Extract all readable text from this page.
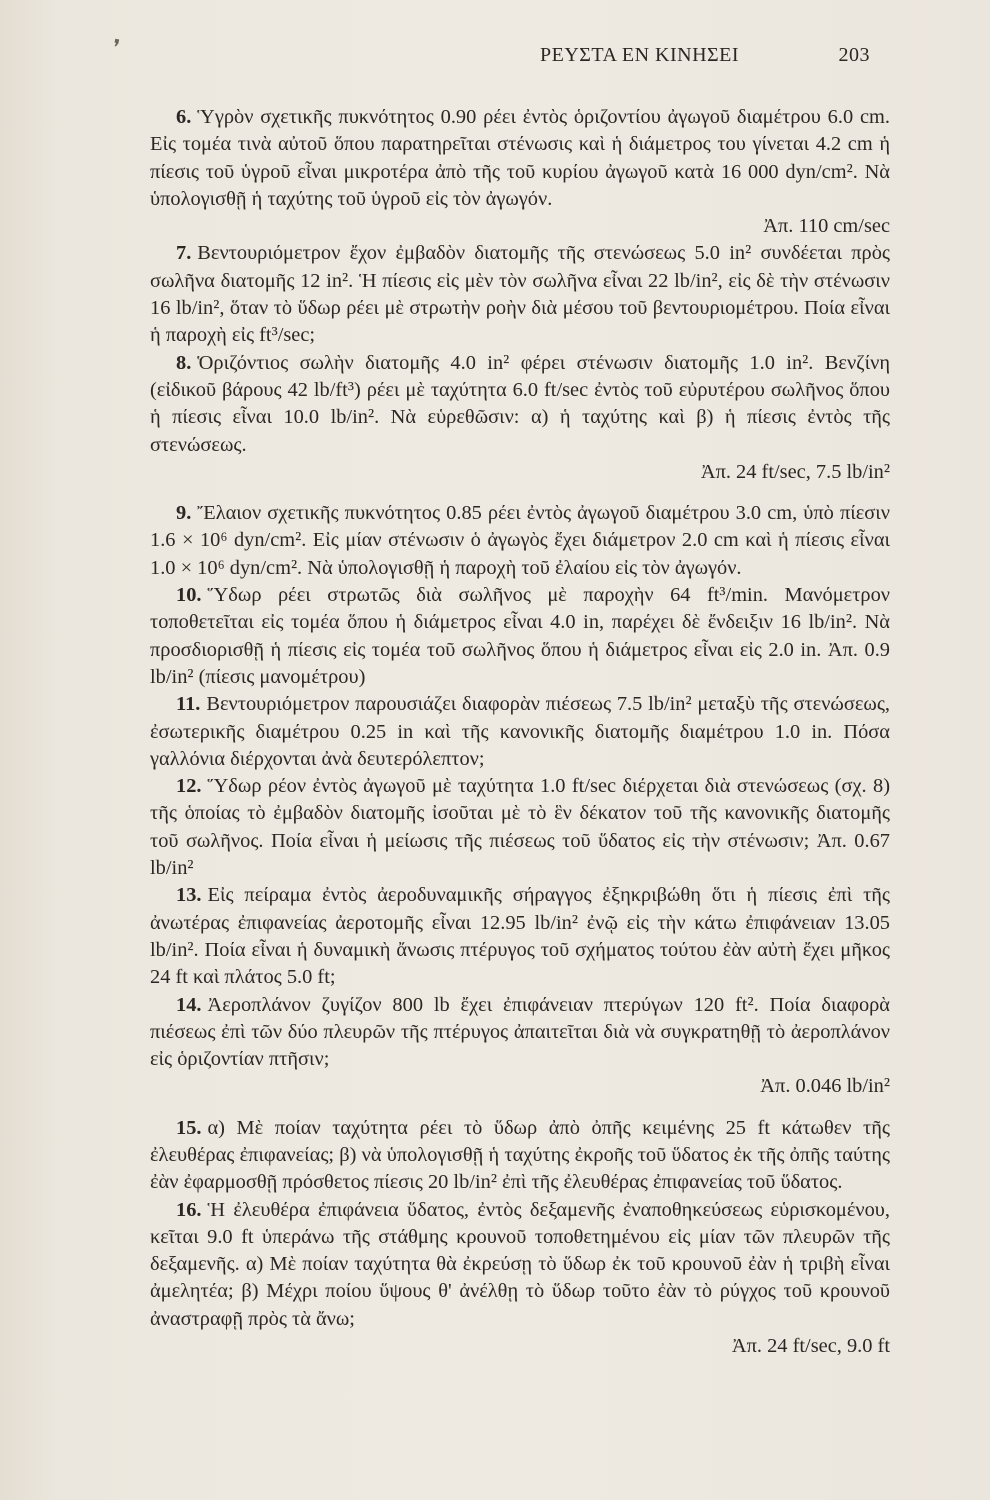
❜	ΡΕΥΣΤΑ ΕΝ ΚΙΝΗΣΕΙ	203

6. Ὑγρὸν σχετικῆς πυκνότητος 0.90 ρέει ἐντὸς ὁριζοντίου ἀγωγοῦ διαμέτρου 6.0 cm. Εἰς τομέα τινὰ αὐτοῦ ὅπου παρατηρεῖται στένωσις καὶ ἡ διάμετρος του γίνεται 4.2 cm ἡ πίεσις τοῦ ὑγροῦ εἶναι μικροτέρα ἀπὸ τῆς τοῦ κυρίου ἀγωγοῦ κατὰ 16 000 dyn/cm². Νὰ ὑπολογισθῇ ἡ ταχύτης τοῦ ὑγροῦ εἰς τὸν ἀγωγόν.
Ἀπ. 110 cm/sec

7. Βεντουριόμετρον ἔχον ἐμβαδὸν διατομῆς τῆς στενώσεως 5.0 in² συνδέεται πρὸς σωλῆνα διατομῆς 12 in². Ἡ πίεσις εἰς μὲν τὸν σωλῆνα εἶναι 22 lb/in², εἰς δὲ τὴν στένωσιν 16 lb/in², ὅταν τὸ ὕδωρ ρέει μὲ στρωτὴν ροὴν διὰ μέσου τοῦ βεντουριομέτρου. Ποία εἶναι ἡ παροχὴ εἰς ft³/sec;

8. Ὁριζόντιος σωλὴν διατομῆς 4.0 in² φέρει στένωσιν διατομῆς 1.0 in². Βενζίνη (εἰδικοῦ βάρους 42 lb/ft³) ρέει μὲ ταχύτητα 6.0 ft/sec ἐντὸς τοῦ εὐρυτέρου σωλῆνος ὅπου ἡ πίεσις εἶναι 10.0 lb/in². Νὰ εὑρεθῶσιν: α) ἡ ταχύτης καὶ β) ἡ πίεσις ἐντὸς τῆς στενώσεως.
Ἀπ. 24 ft/sec, 7.5 lb/in²

9. Ἔλαιον σχετικῆς πυκνότητος 0.85 ρέει ἐντὸς ἀγωγοῦ διαμέτρου 3.0 cm, ὑπὸ πίεσιν 1.6 × 10⁶ dyn/cm². Εἰς μίαν στένωσιν ὁ ἀγωγὸς ἔχει διάμετρον 2.0 cm καὶ ἡ πίεσις εἶναι 1.0 × 10⁶ dyn/cm². Νὰ ὑπολογισθῇ ἡ παροχὴ τοῦ ἐλαίου εἰς τὸν ἀγωγόν.

10. Ὕδωρ ρέει στρωτῶς διὰ σωλῆνος μὲ παροχὴν 64 ft³/min. Μανόμετρον τοποθετεῖται εἰς τομέα ὅπου ἡ διάμετρος εἶναι 4.0 in, παρέχει δὲ ἔνδειξιν 16 lb/in². Νὰ προσδιορισθῇ ἡ πίεσις εἰς τομέα τοῦ σωλῆνος ὅπου ἡ διάμετρος εἶναι εἰς 2.0 in. Ἀπ. 0.9 lb/in² (πίεσις μανομέτρου)

11. Βεντουριόμετρον παρουσιάζει διαφορὰν πιέσεως 7.5 lb/in² μεταξὺ τῆς στενώσεως, ἐσωτερικῆς διαμέτρου 0.25 in καὶ τῆς κανονικῆς διατομῆς διαμέτρου 1.0 in. Πόσα γαλλόνια διέρχονται ἀνὰ δευτερόλεπτον;

12. Ὕδωρ ρέον ἐντὸς ἀγωγοῦ μὲ ταχύτητα 1.0 ft/sec διέρχεται διὰ στενώσεως (σχ. 8) τῆς ὁποίας τὸ ἐμβαδὸν διατομῆς ἰσοῦται μὲ τὸ ἓν δέκατον τοῦ τῆς κανονικῆς διατομῆς τοῦ σωλῆνος. Ποία εἶναι ἡ μείωσις τῆς πιέσεως τοῦ ὕδατος εἰς τὴν στένωσιν; Ἀπ. 0.67 lb/in²

13. Εἰς πείραμα ἐντὸς ἀεροδυναμικῆς σήραγγος ἐξηκριβώθη ὅτι ἡ πίεσις ἐπὶ τῆς ἀνωτέρας ἐπιφανείας ἀεροτομῆς εἶναι 12.95 lb/in² ἐνῷ εἰς τὴν κάτω ἐπιφάνειαν 13.05 lb/in². Ποία εἶναι ἡ δυναμικὴ ἄνωσις πτέρυγος τοῦ σχήματος τούτου ἐὰν αὐτὴ ἔχει μῆκος 24 ft καὶ πλάτος 5.0 ft;

14. Ἀεροπλάνον ζυγίζον 800 lb ἔχει ἐπιφάνειαν πτερύγων 120 ft². Ποία διαφορὰ πιέσεως ἐπὶ τῶν δύο πλευρῶν τῆς πτέρυγος ἀπαιτεῖται διὰ νὰ συγκρατηθῇ τὸ ἀεροπλάνον εἰς ὁριζοντίαν πτῆσιν;
Ἀπ. 0.046 lb/in²

15. α) Μὲ ποίαν ταχύτητα ρέει τὸ ὕδωρ ἀπὸ ὀπῆς κειμένης 25 ft κάτωθεν τῆς ἐλευθέρας ἐπιφανείας; β) νὰ ὑπολογισθῇ ἡ ταχύτης ἐκροῆς τοῦ ὕδατος ἐκ τῆς ὀπῆς ταύτης ἐὰν ἐφαρμοσθῇ πρόσθετος πίεσις 20 lb/in² ἐπὶ τῆς ἐλευθέρας ἐπιφανείας τοῦ ὕδατος.

16. Ἡ ἐλευθέρα ἐπιφάνεια ὕδατος, ἐντὸς δεξαμενῆς ἐναποθηκεύσεως εὑρισκομένου, κεῖται 9.0 ft ὑπεράνω τῆς στάθμης κρουνοῦ τοποθετημένου εἰς μίαν τῶν πλευρῶν τῆς δεξαμενῆς. α) Μὲ ποίαν ταχύτητα θὰ ἐκρεύσῃ τὸ ὕδωρ ἐκ τοῦ κρουνοῦ ἐὰν ἡ τριβὴ εἶναι ἀμελητέα; β) Μέχρι ποίου ὕψους θ' ἀνέλθῃ τὸ ὕδωρ τοῦτο ἐὰν τὸ ρύγχος τοῦ κρουνοῦ ἀναστραφῇ πρὸς τὰ ἄνω;
Ἀπ. 24 ft/sec, 9.0 ft
